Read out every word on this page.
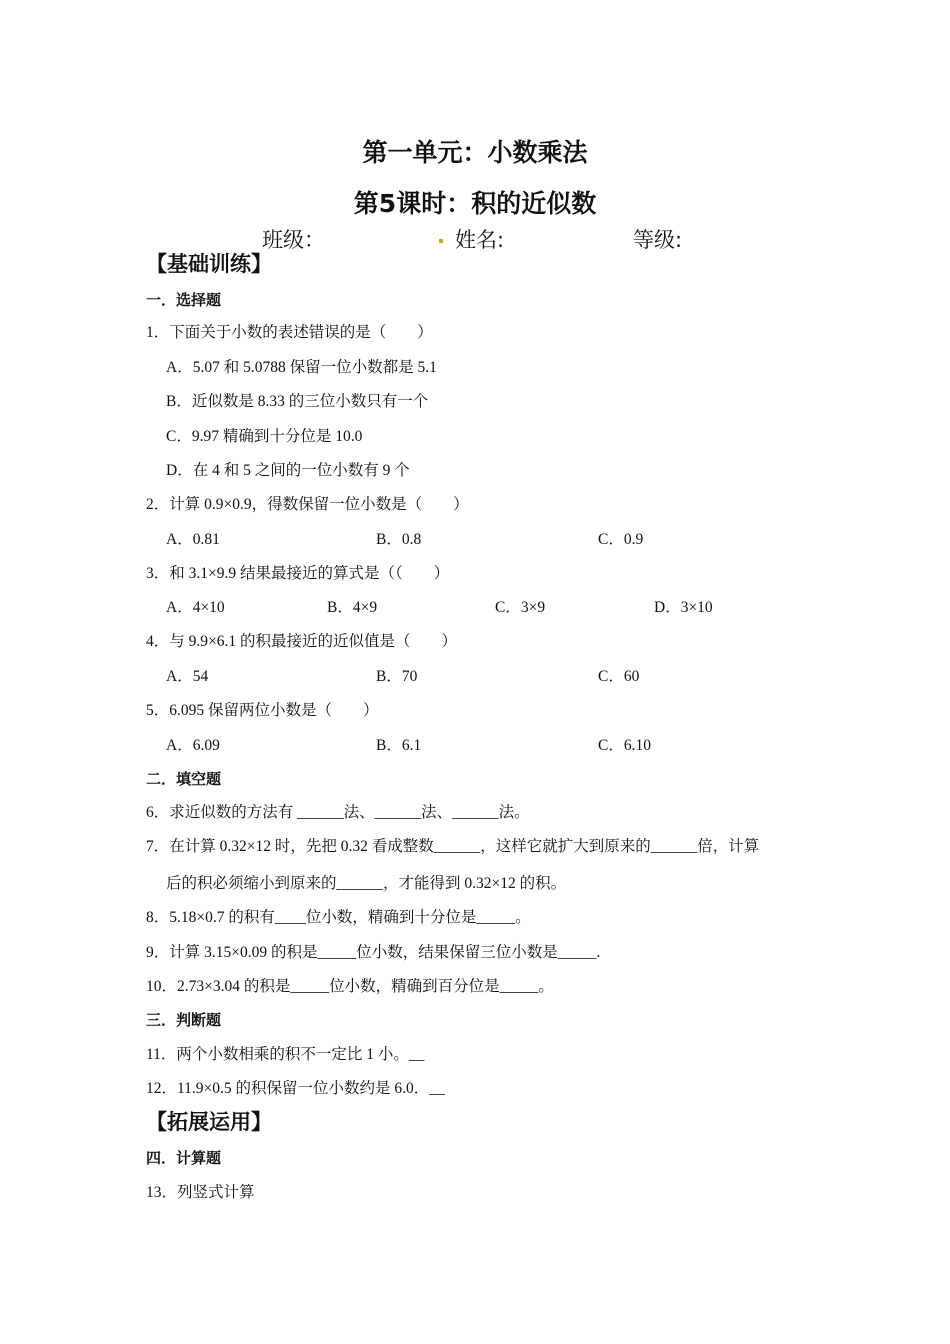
第一单元：小数乘法
第5课时：积的近似数
班级：	. 姓名:	等级:
【基础训练】
一．选择题
1．下面关于小数的表述错误的是（　　）
A．5.07 和 5.0788 保留一位小数都是 5.1
B．近似数是 8.33 的三位小数只有一个
C．9.97 精确到十分位是 10.0
D．在 4 和 5 之间的一位小数有 9 个
2．计算 0.9×0.9，得数保留一位小数是（　　）
A．0.81	B．0.8	C．0.9
3．和 3.1×9.9 结果最接近的算式是（（　　）
A．4×10	B．4×9	C．3×9	D．3×10
4．与 9.9×6.1 的积最接近的近似值是（　　）
A．54	B．70	C．60
5．6.095 保留两位小数是（　　）
A．6.09	B．6.1	C．6.10
二．填空题
6．求近似数的方法有 ______法、______法、______法。
7．在计算 0.32×12 时，先把 0.32 看成整数______，这样它就扩大到原来的______倍，计算
后的积必须缩小到原来的______，才能得到 0.32×12 的积。
8．5.18×0.7 的积有____位小数，精确到十分位是_____。
9．计算 3.15×0.09 的积是_____位小数，结果保留三位小数是_____.
10．2.73×3.04 的积是_____位小数，精确到百分位是_____。
三．判断题
11．两个小数相乘的积不一定比 1 小。__
12．11.9×0.5 的积保留一位小数约是 6.0．__
【拓展运用】
四．计算题
13．列竖式计算
